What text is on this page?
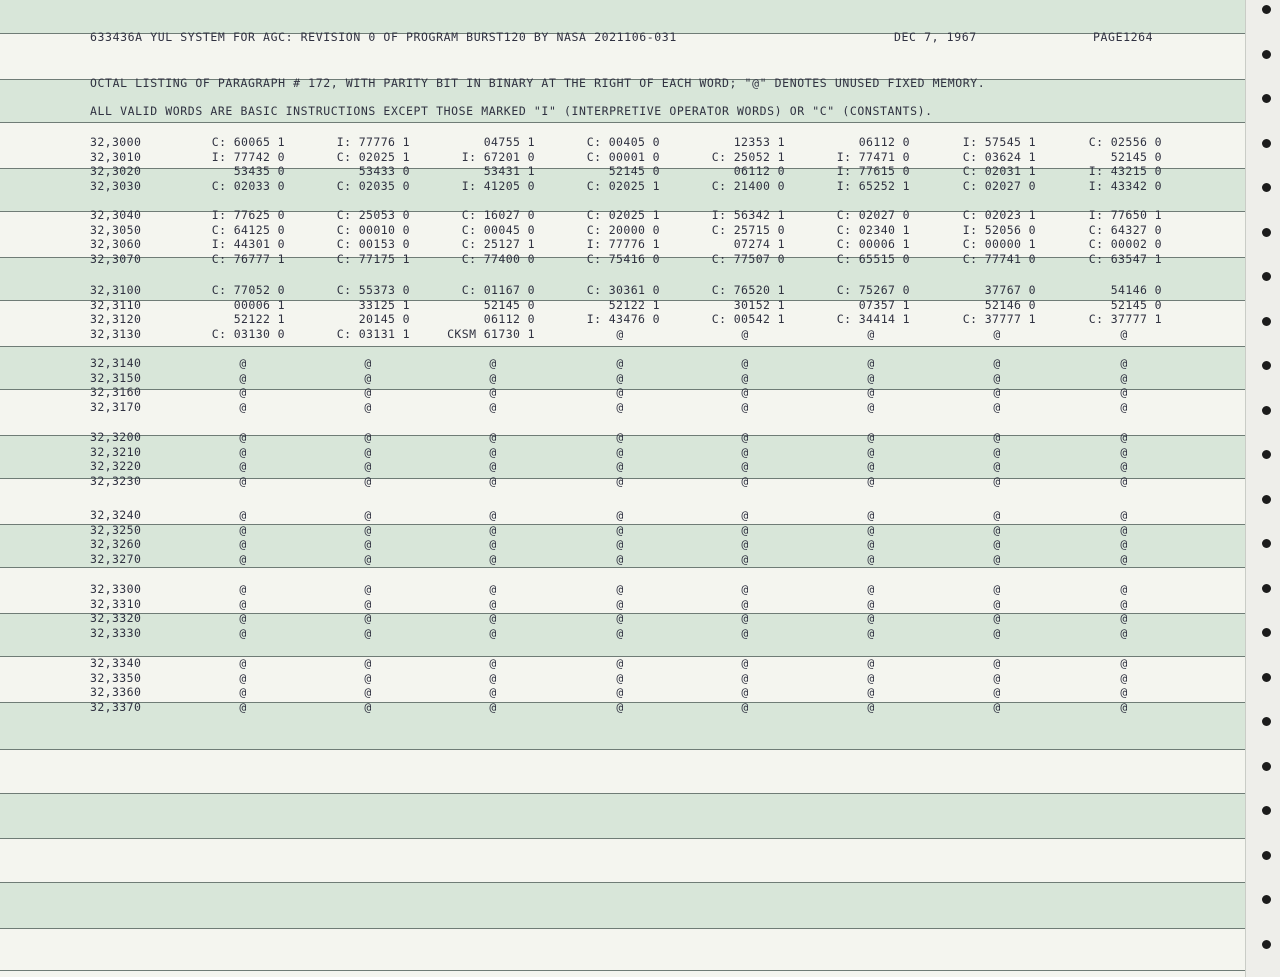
633436A YUL SYSTEM FOR AGC: REVISION 0 OF PROGRAM BURST120 BY NASA 2021106-031	DEC 7, 1967	PAGE1264
OCTAL LISTING OF PARAGRAPH # 172, WITH PARITY BIT IN BINARY AT THE RIGHT OF EACH WORD; "@" DENOTES UNUSED FIXED MEMORY.
ALL VALID WORDS ARE BASIC INSTRUCTIONS EXCEPT THOSE MARKED "I" (INTERPRETIVE OPERATOR WORDS) OR "C" (CONSTANTS).
32,3000	C: 60065 1	I: 77776 1	04755 1	C: 00405 0	12353 1	06112 0	I: 57545 1	C: 02556 0
32,3010	I: 77742 0	C: 02025 1	I: 67201 0	C: 00001 0	C: 25052 1	I: 77471 0	C: 03624 1	52145 0
32,3020	53435 0	53433 0	53431 1	52145 0	06112 0	I: 77615 0	C: 02031 1	I: 43215 0
32,3030	C: 02033 0	C: 02035 0	I: 41205 0	C: 02025 1	C: 21400 0	I: 65252 1	C: 02027 0	I: 43342 0
32,3040	I: 77625 0	C: 25053 0	C: 16027 0	C: 02025 1	I: 56342 1	C: 02027 0	C: 02023 1	I: 77650 1
32,3050	C: 64125 0	C: 00010 0	C: 00045 0	C: 20000 0	C: 25715 0	C: 02340 1	I: 52056 0	C: 64327 0
32,3060	I: 44301 0	C: 00153 0	C: 25127 1	I: 77776 1	07274 1	C: 00006 1	C: 00000 1	C: 00002 0
32,3070	C: 76777 1	C: 77175 1	C: 77400 0	C: 75416 0	C: 77507 0	C: 65515 0	C: 77741 0	C: 63547 1
32,3100	C: 77052 0	C: 55373 0	C: 01167 0	C: 30361 0	C: 76520 1	C: 75267 0	37767 0	54146 0
32,3110	00006 1	33125 1	52145 0	52122 1	30152 1	07357 1	52146 0	52145 0
32,3120	52122 1	20145 0	06112 0	I: 43476 0	C: 00542 1	C: 34414 1	C: 37777 1	C: 37777 1
32,3130	C: 03130 0	C: 03131 1	CKSM 61730 1	@	@	@	@	@
32,3140	@	@	@	@	@	@	@	@
32,3150	@	@	@	@	@	@	@	@
32,3160	@	@	@	@	@	@	@	@
32,3170	@	@	@	@	@	@	@	@
32,3200	@	@	@	@	@	@	@	@
32,3210	@	@	@	@	@	@	@	@
32,3220	@	@	@	@	@	@	@	@
32,3230	@	@	@	@	@	@	@	@
32,3240	@	@	@	@	@	@	@	@
32,3250	@	@	@	@	@	@	@	@
32,3260	@	@	@	@	@	@	@	@
32,3270	@	@	@	@	@	@	@	@
32,3300	@	@	@	@	@	@	@	@
32,3310	@	@	@	@	@	@	@	@
32,3320	@	@	@	@	@	@	@	@
32,3330	@	@	@	@	@	@	@	@
32,3340	@	@	@	@	@	@	@	@
32,3350	@	@	@	@	@	@	@	@
32,3360	@	@	@	@	@	@	@	@
32,3370	@	@	@	@	@	@	@	@
